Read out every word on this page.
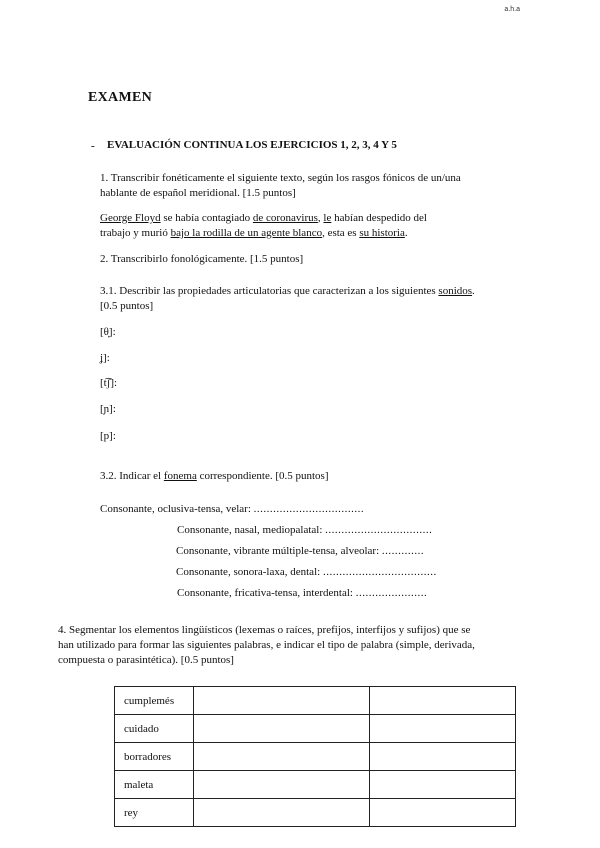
a.h.a
EXAMEN
- EVALUACIÓN CONTINUA LOS EJERCICIOS 1, 2, 3, 4 Y 5
1. Transcribir fonéticamente el siguiente texto, según los rasgos fónicos de un/una
hablante de español meridional. [1.5 puntos]
George Floyd se había contagiado de coronavirus, le habían despedido del
trabajo y murió bajo la rodilla de un agente blanco, esta es su historia.
2. Transcribirlo fonológicamente. [1.5 puntos]
3.1. Describir las propiedades articulatorias que caracterizan a los siguientes sonidos.
[0.5 puntos]
[θ̟]:
ʝ]:
[t͡ʃ]:
[ɲ]:
[p]:
3.2. Indicar el fonema correspondiente. [0.5 puntos]
Consonante, oclusiva-tensa, velar: ..................................
Consonante, nasal, mediopalatal: .................................
Consonante, vibrante múltiple-tensa, alveolar: .............
Consonante, sonora-laxa, dental: ...................................
Consonante, fricativa-tensa, interdental: ......................
4. Segmentar los elementos lingüísticos (lexemas o raíces, prefijos, interfijos y sufijos) que se
han utilizado para formar las siguientes palabras, e indicar el tipo de palabra (simple, derivada,
compuesta o parasintética). [0.5 puntos]
cumplemés		
cuidado		
borradores		
maleta		
rey		
